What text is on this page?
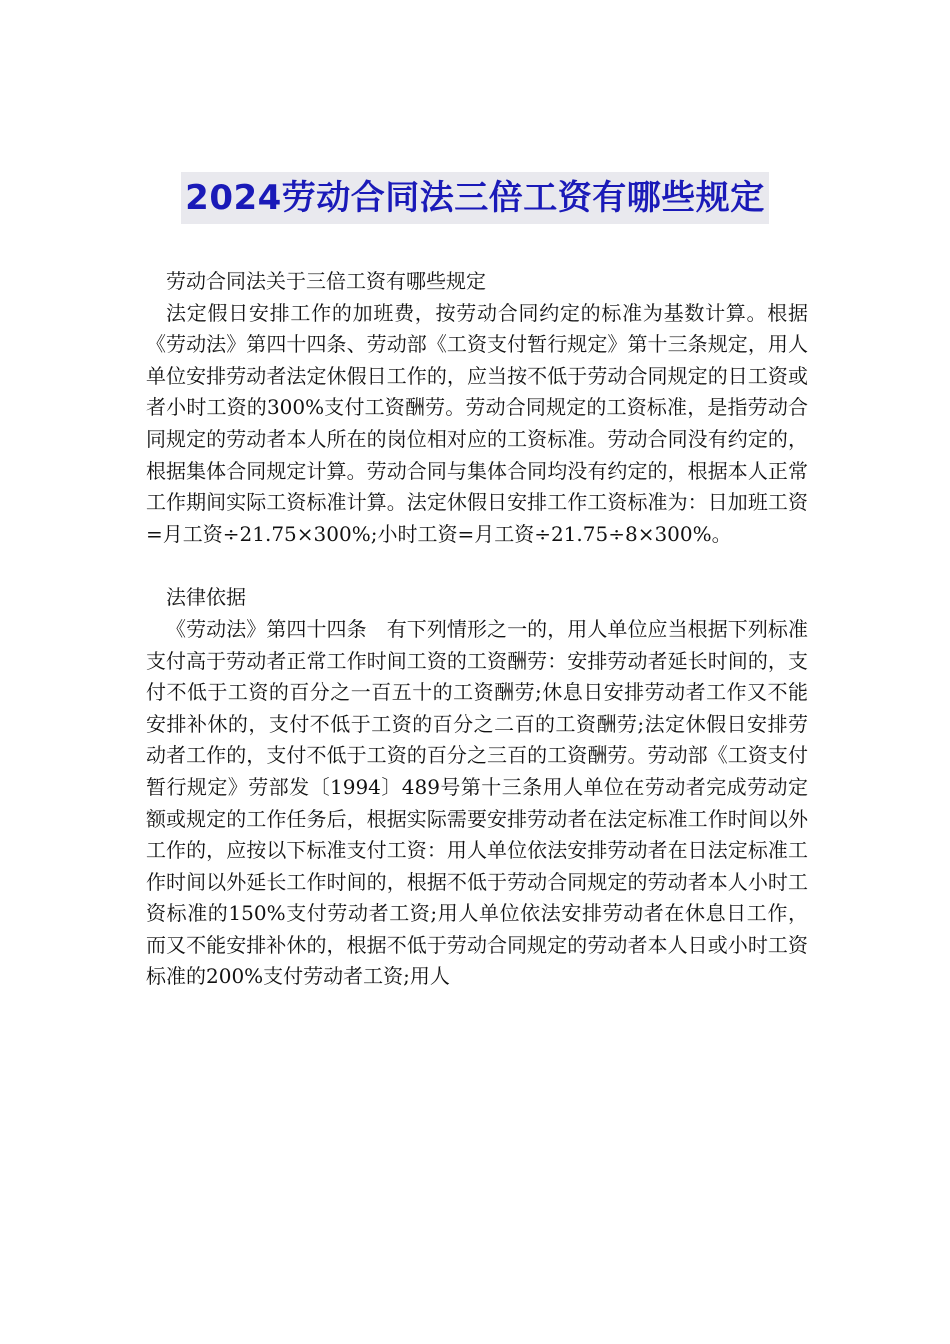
2024劳动合同法三倍工资有哪些规定

劳动合同法关于三倍工资有哪些规定

法定假日安排工作的加班费，按劳动合同约定的标准为基数计算。根据《劳动法》第四十四条、劳动部《工资支付暂行规定》第十三条规定，用人单位安排劳动者法定休假日工作的，应当按不低于劳动合同规定的日工资或者小时工资的300%支付工资酬劳。劳动合同规定的工资标准，是指劳动合同规定的劳动者本人所在的岗位相对应的工资标准。劳动合同没有约定的，根据集体合同规定计算。劳动合同与集体合同均没有约定的，根据本人正常工作期间实际工资标准计算。法定休假日安排工作工资标准为：日加班工资=月工资÷21.75×300%;小时工资=月工资÷21.75÷8×300%。

法律依据

《劳动法》第四十四条　有下列情形之一的，用人单位应当根据下列标准支付高于劳动者正常工作时间工资的工资酬劳：安排劳动者延长时间的，支付不低于工资的百分之一百五十的工资酬劳;休息日安排劳动者工作又不能安排补休的，支付不低于工资的百分之二百的工资酬劳;法定休假日安排劳动者工作的，支付不低于工资的百分之三百的工资酬劳。劳动部《工资支付暂行规定》劳部发〔1994〕489号第十三条用人单位在劳动者完成劳动定额或规定的工作任务后，根据实际需要安排劳动者在法定标准工作时间以外工作的，应按以下标准支付工资：用人单位依法安排劳动者在日法定标准工作时间以外延长工作时间的，根据不低于劳动合同规定的劳动者本人小时工资标准的150%支付劳动者工资;用人单位依法安排劳动者在休息日工作，而又不能安排补休的，根据不低于劳动合同规定的劳动者本人日或小时工资标准的200%支付劳动者工资;用人
